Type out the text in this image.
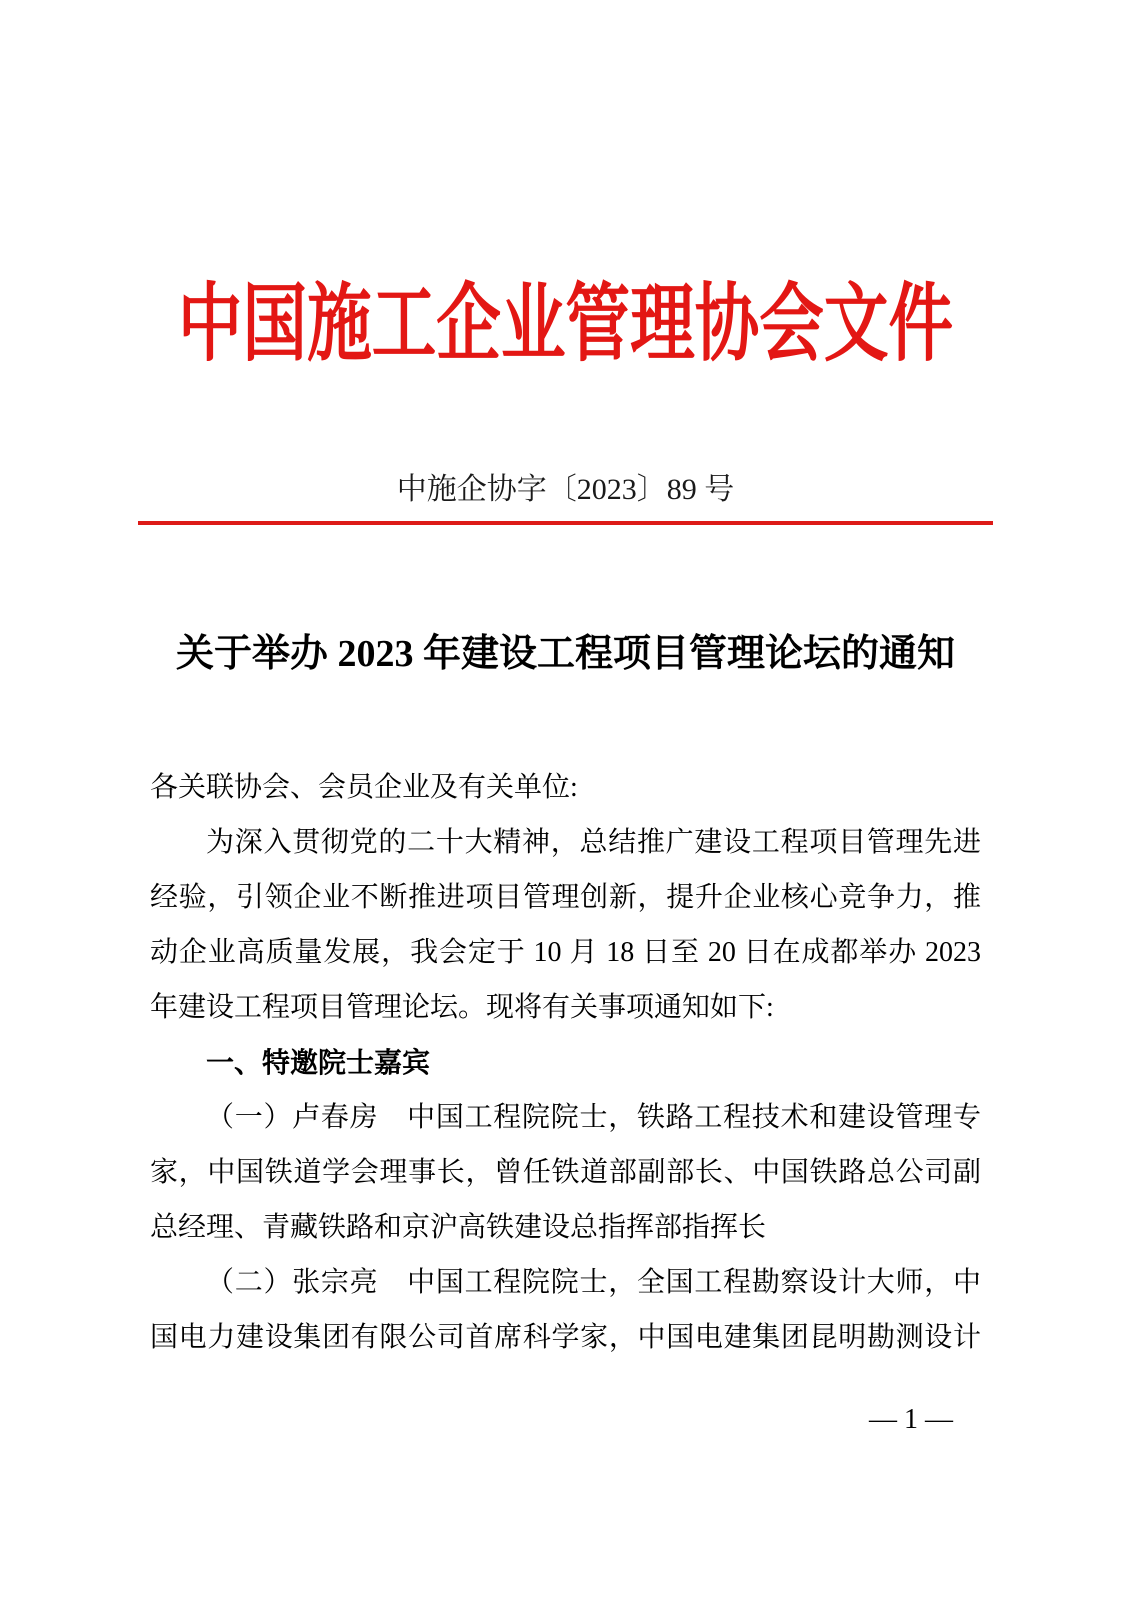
中国施工企业管理协会文件
中施企协字〔2023〕89 号
关于举办 2023 年建设工程项目管理论坛的通知
各关联协会、会员企业及有关单位:
为深入贯彻党的二十大精神，总结推广建设工程项目管理先进
经验，引领企业不断推进项目管理创新，提升企业核心竞争力，推
动企业高质量发展，我会定于 10 月 18 日至 20 日在成都举办 2023
年建设工程项目管理论坛。现将有关事项通知如下:
一、特邀院士嘉宾
（一）卢春房　中国工程院院士，铁路工程技术和建设管理专
家，中国铁道学会理事长，曾任铁道部副部长、中国铁路总公司副
总经理、青藏铁路和京沪高铁建设总指挥部指挥长
（二）张宗亮　中国工程院院士，全国工程勘察设计大师，中
国电力建设集团有限公司首席科学家，中国电建集团昆明勘测设计
— 1 —
